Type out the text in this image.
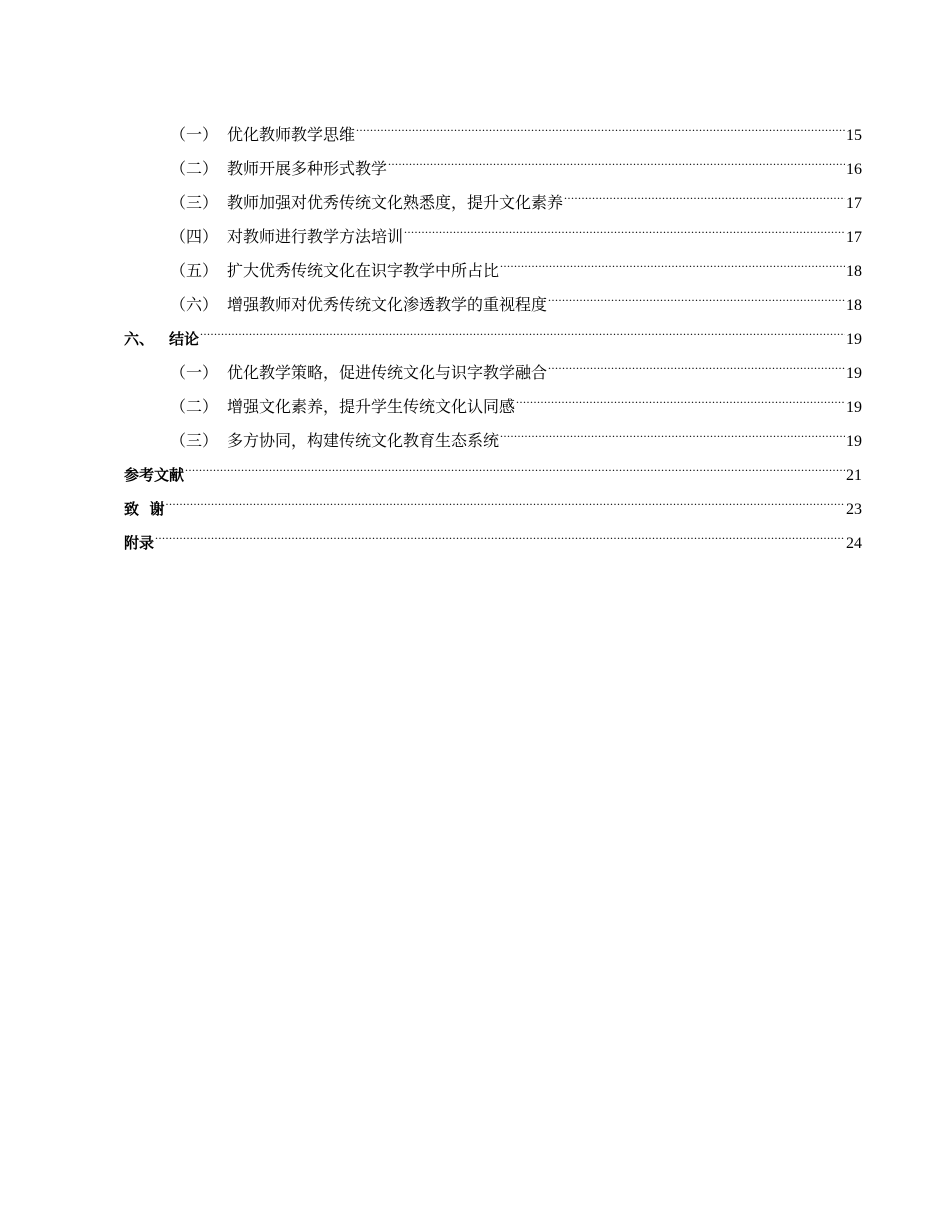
（一） 优化教师教学思维 .....	15
（二） 教师开展多种形式教学 .....	16
（三） 教师加强对优秀传统文化熟悉度，提升文化素养 .....	17
（四） 对教师进行教学方法培训 .....	17
（五） 扩大优秀传统文化在识字教学中所占比 .....	18
（六） 增强教师对优秀传统文化渗透教学的重视程度 .....	18
六、 结论 .....	19
（一） 优化教学策略，促进传统文化与识字教学融合 .....	19
（二） 增强文化素养，提升学生传统文化认同感 .....	19
（三） 多方协同，构建传统文化教育生态系统 .....	19
参考文献 .....	21
致  谢 .....	23
附录 .....	24
